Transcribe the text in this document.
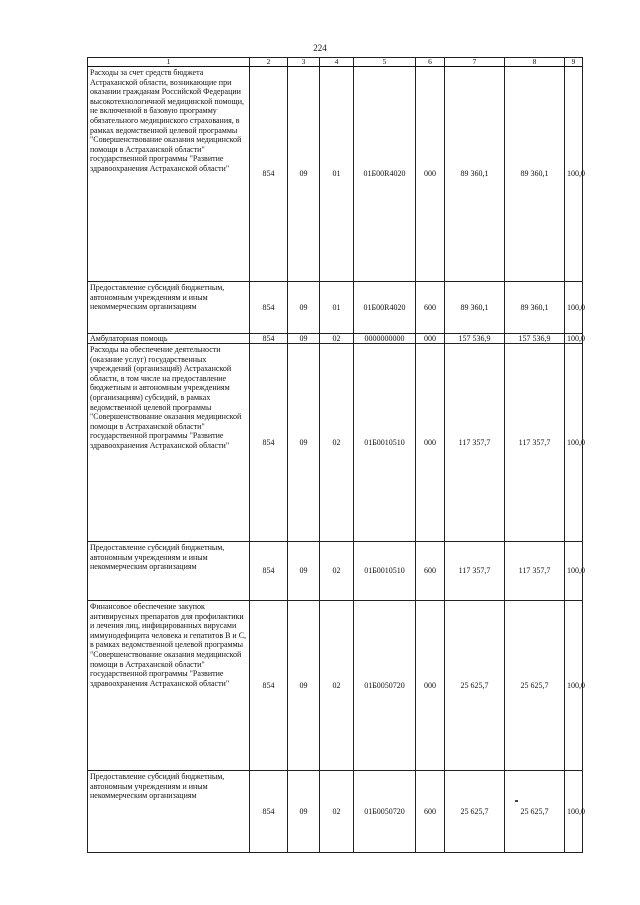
224
1	2	3	4	5	6	7	8	9
Расходы за счет средств бюджета Астраханской области, возникающие при оказании гражданам Российской Федерации высокотехнологичной медицинской помощи, не включенной в базовую программу обязательного медицинского страхования, в рамках ведомственной целевой программы "Совершенствование оказания медицинской помощи в Астраханской области" государственной программы "Развитие здравоохранения Астраханской области"	854	09	01	01Б00R4020	000	89 360,1	89 360,1	100,0
Предоставление субсидий бюджетным, автономным учреждениям и иным некоммерческим организациям	854	09	01	01Б00R4020	600	89 360,1	89 360,1	100,0
Амбулаторная помощь	854	09	02	0000000000	000	157 536,9	157 536,9	100,0
Расходы на обеспечение деятельности (оказание услуг) государственных учреждений (организаций) Астраханской области, в том числе на предоставление бюджетным и автономным учреждениям (организациям) субсидий, в рамках ведомственной целевой программы "Совершенствование оказания медицинской помощи в Астраханской области" государственной программы "Развитие здравоохранения Астраханской области"	854	09	02	01Б0010510	000	117 357,7	117 357,7	100,0
Предоставление субсидий бюджетным, автономным учреждениям и иным некоммерческим организациям	854	09	02	01Б0010510	600	117 357,7	117 357,7	100,0
Финансовое обеспечение закупок антивирусных препаратов для профилактики и лечения лиц, инфицированных вирусами иммунодефицита человека и гепатитов В и С, в рамках ведомственной целевой программы "Совершенствование оказания медицинской помощи в Астраханской области" государственной программы "Развитие здравоохранения Астраханской области"	854	09	02	01Б0050720	000	25 625,7	25 625,7	100,0
Предоставление субсидий бюджетным, автономным учреждениям и иным некоммерческим организациям	854	09	02	01Б0050720	600	25 625,7	25 625,7	100,0
